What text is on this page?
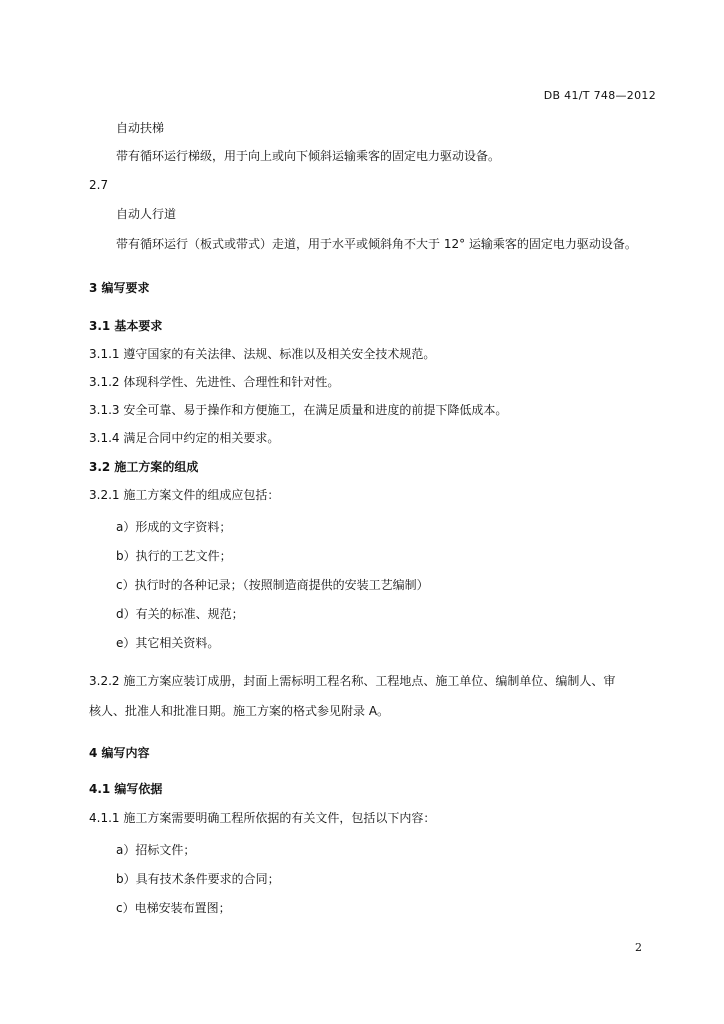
DB 41/T 748—2012
自动扶梯
带有循环运行梯级，用于向上或向下倾斜运输乘客的固定电力驱动设备。
2.7
自动人行道
带有循环运行（板式或带式）走道，用于水平或倾斜角不大于 12° 运输乘客的固定电力驱动设备。
3 编写要求
3.1 基本要求
3.1.1 遵守国家的有关法律、法规、标准以及相关安全技术规范。
3.1.2 体现科学性、先进性、合理性和针对性。
3.1.3 安全可靠、易于操作和方便施工，在满足质量和进度的前提下降低成本。
3.1.4 满足合同中约定的相关要求。
3.2 施工方案的组成
3.2.1 施工方案文件的组成应包括：
a）形成的文字资料；
b）执行的工艺文件；
c）执行时的各种记录；（按照制造商提供的安装工艺编制）
d）有关的标准、规范；
e）其它相关资料。
3.2.2 施工方案应装订成册，封面上需标明工程名称、工程地点、施工单位、编制单位、编制人、审
核人、批准人和批准日期。施工方案的格式参见附录 A。
4 编写内容
4.1 编写依据
4.1.1 施工方案需要明确工程所依据的有关文件，包括以下内容：
a）招标文件；
b）具有技术条件要求的合同；
c）电梯安装布置图；
2
